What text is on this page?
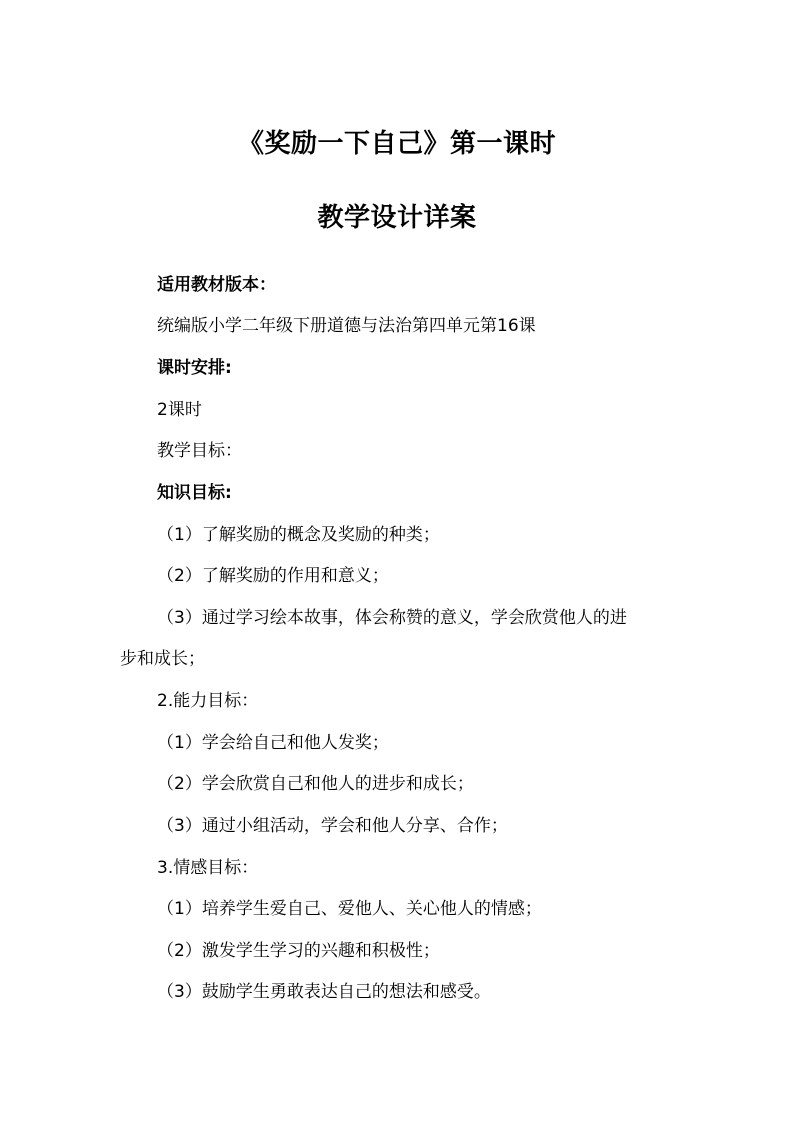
《奖励一下自己》第一课时
教学设计详案
适用教材版本：
统编版小学二年级下册道德与法治第四单元第16课
课时安排:
2课时
教学目标：
知识目标:
（1）了解奖励的概念及奖励的种类；
（2）了解奖励的作用和意义；
（3）通过学习绘本故事，体会称赞的意义，学会欣赏他人的进
步和成长；
2.能力目标：
（1）学会给自己和他人发奖；
（2）学会欣赏自己和他人的进步和成长；
（3）通过小组活动，学会和他人分享、合作；
3.情感目标：
（1）培养学生爱自己、爱他人、关心他人的情感；
（2）激发学生学习的兴趣和积极性；
（3）鼓励学生勇敢表达自己的想法和感受。
